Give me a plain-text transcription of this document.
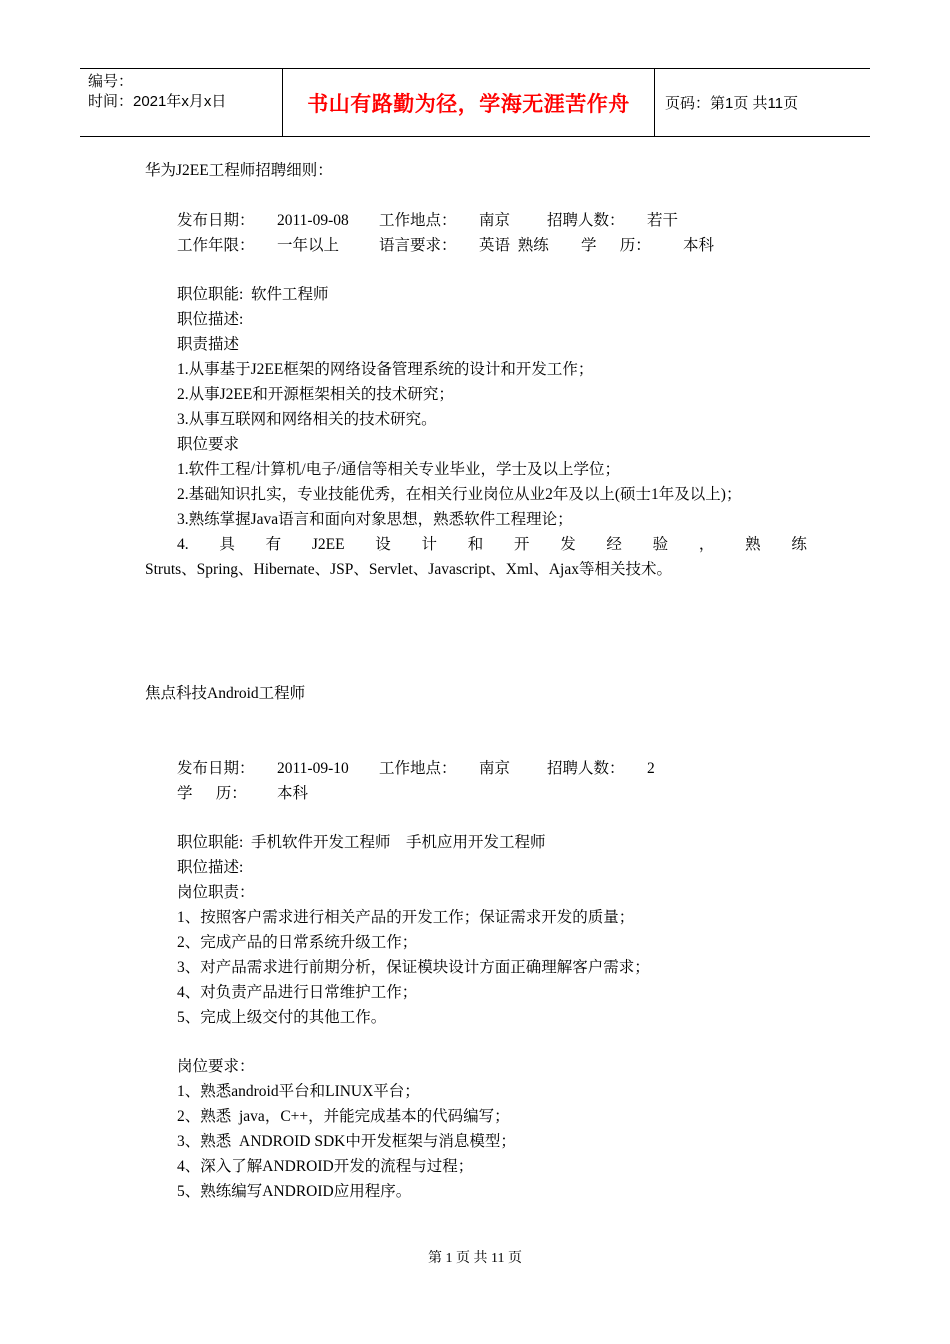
编号：
时间：2021年x月x日	书山有路勤为径，学海无涯苦作舟	页码：第1页 共11页
华为J2EE工程师招聘细则：
发布日期： 2011-09-08 工作地点： 南京 招聘人数： 若干
工作年限： 一年以上	语言要求： 英语  熟练 学      历： 本科
职位职能:  软件工程师
职位描述:
职责描述
1.从事基于J2EE框架的网络设备管理系统的设计和开发工作；
2.从事J2EE和开源框架相关的技术研究；
3.从事互联网和网络相关的技术研究。
职位要求
1.软件工程/计算机/电子/通信等相关专业毕业，学士及以上学位；
2.基础知识扎实，专业技能优秀，在相关行业岗位从业2年及以上(硕士1年及以上)；
3.熟练掌握Java语言和面向对象思想，熟悉软件工程理论；
4. 具 有 J2EE 设 计 和 开 发 经 验 ， 熟 练
Struts、Spring、Hibernate、JSP、Servlet、Javascript、Xml、Ajax等相关技术。
焦点科技Android工程师
发布日期： 2011-09-10 工作地点： 南京 招聘人数： 2
学      历： 本科
职位职能:  手机软件开发工程师    手机应用开发工程师
职位描述:
岗位职责：
1、按照客户需求进行相关产品的开发工作；保证需求开发的质量；
2、完成产品的日常系统升级工作；
3、对产品需求进行前期分析，保证模块设计方面正确理解客户需求；
4、对负责产品进行日常维护工作；
5、完成上级交付的其他工作。
岗位要求：
1、熟悉android平台和LINUX平台；
2、熟悉  java，C++，并能完成基本的代码编写；
3、熟悉  ANDROID SDK中开发框架与消息模型；
4、深入了解ANDROID开发的流程与过程；
5、熟练编写ANDROID应用程序。
第 1 页 共 11 页
